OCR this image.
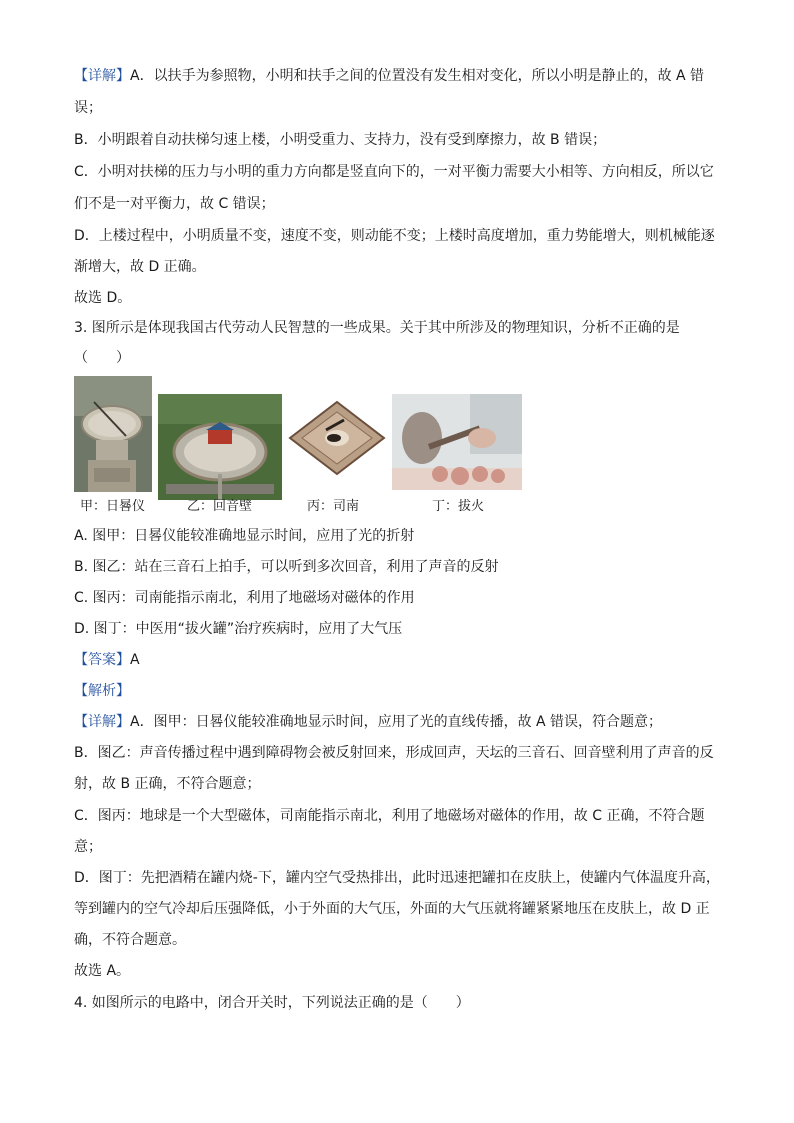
【详解】A．以扶手为参照物，小明和扶手之间的位置没有发生相对变化，所以小明是静止的，故 A 错
误；
B．小明跟着自动扶梯匀速上楼，小明受重力、支持力，没有受到摩擦力，故 B 错误；
C．小明对扶梯的压力与小明的重力方向都是竖直向下的，一对平衡力需要大小相等、方向相反，所以它
们不是一对平衡力，故 C 错误；
D．上楼过程中，小明质量不变，速度不变，则动能不变；上楼时高度增加，重力势能增大，则机械能逐
渐增大，故 D 正确。
故选 D。
3. 图所示是体现我国古代劳动人民智慧的一些成果。关于其中所涉及的物理知识，分析不正确的是
（　　）
甲：日晷仪	乙：回音壁	丙：司南	丁：拔火
A. 图甲：日晷仪能较准确地显示时间，应用了光的折射
B. 图乙：站在三音石上拍手，可以听到多次回音，利用了声音的反射
C. 图丙：司南能指示南北，利用了地磁场对磁体的作用
D. 图丁：中医用“拔火罐”治疗疾病时，应用了大气压
【答案】A
【解析】
【详解】A．图甲：日晷仪能较准确地显示时间，应用了光的直线传播，故 A 错误，符合题意；
B．图乙：声音传播过程中遇到障碍物会被反射回来，形成回声，天坛的三音石、回音壁利用了声音的反
射，故 B 正确，不符合题意；
C．图丙：地球是一个大型磁体，司南能指示南北，利用了地磁场对磁体的作用，故 C 正确，不符合题
意；
D．图丁：先把酒精在罐内烧-下，罐内空气受热排出，此时迅速把罐扣在皮肤上，使罐内气体温度升高，
等到罐内的空气冷却后压强降低，小于外面的大气压，外面的大气压就将罐紧紧地压在皮肤上，故 D 正
确，不符合题意。
故选 A。
4. 如图所示的电路中，闭合开关时，下列说法正确的是（　　）
